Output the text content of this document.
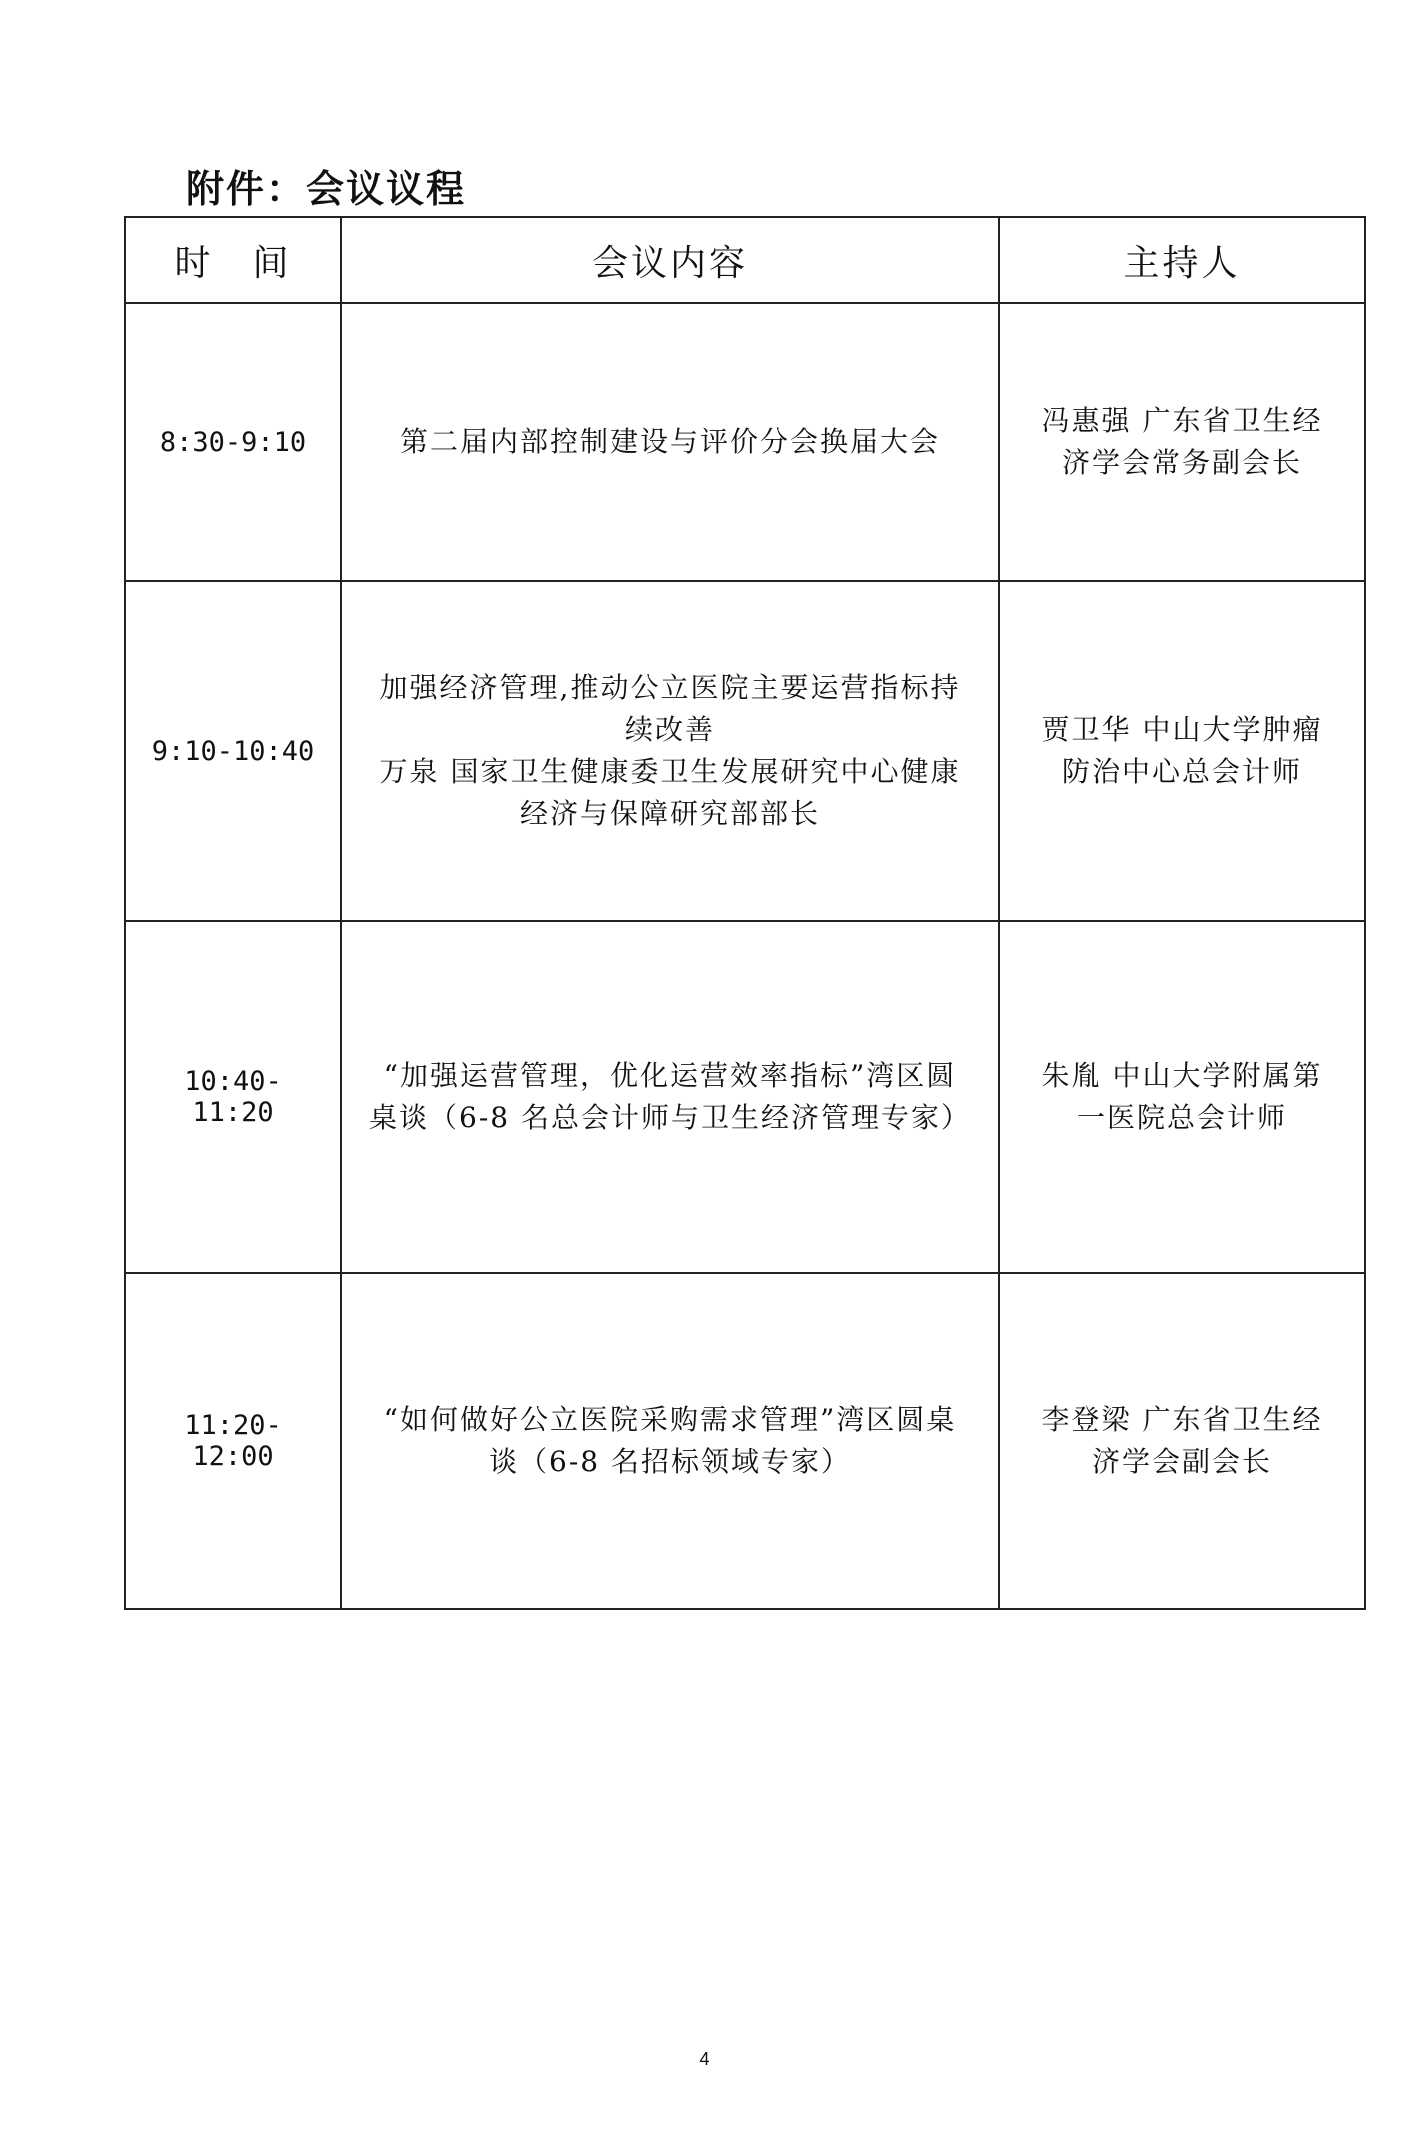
附件：会议议程
时　间	会议内容	主持人
8:30-9:10	第二届内部控制建设与评价分会换届大会	冯惠强 广东省卫生经
济学会常务副会长

9:10-10:40	加强经济管理,推动公立医院主要运营指标持
续改善
万泉 国家卫生健康委卫生发展研究中心健康
经济与保障研究部部长	贾卫华 中山大学肿瘤
防治中心总会计师

10:40-11:20	“加强运营管理，优化运营效率指标”湾区圆
桌谈（6-8 名总会计师与卫生经济管理专家）	朱胤 中山大学附属第
一医院总会计师

11:20-12:00	“如何做好公立医院采购需求管理”湾区圆桌
谈（6-8 名招标领域专家）	李登梁 广东省卫生经
济学会副会长
4
